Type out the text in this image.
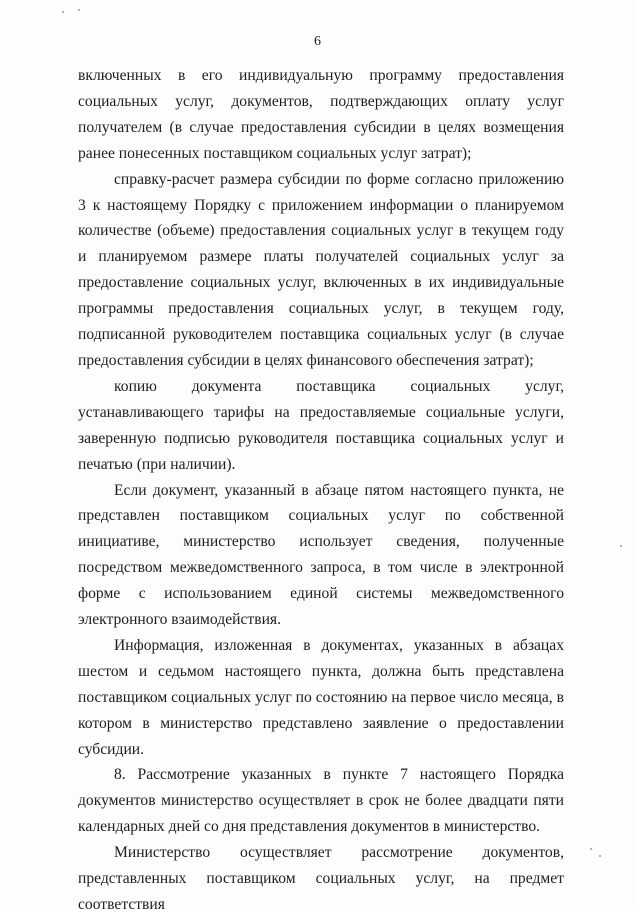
6

включенных в его индивидуальную программу предоставления социальных услуг, документов, подтверждающих оплату услуг получателем (в случае предоставления субсидии в целях возмещения ранее понесенных поставщиком социальных услуг затрат);

справку-расчет размера субсидии по форме согласно приложению 3 к настоящему Порядку с приложением информации о планируемом количестве (объеме) предоставления социальных услуг в текущем году и планируемом размере платы получателей социальных услуг за предоставление социальных услуг, включенных в их индивидуальные программы предоставления социальных услуг, в текущем году, подписанной руководителем поставщика социальных услуг (в случае предоставления субсидии в целях финансового обеспечения затрат);

копию документа поставщика социальных услуг, устанавливающего тарифы на предоставляемые социальные услуги, заверенную подписью руководителя поставщика социальных услуг и печатью (при наличии).

Если документ, указанный в абзаце пятом настоящего пункта, не представлен поставщиком социальных услуг по собственной инициативе, министерство использует сведения, полученные посредством межведомственного запроса, в том числе в электронной форме с использованием единой системы межведомственного электронного взаимодействия.

Информация, изложенная в документах, указанных в абзацах шестом и седьмом настоящего пункта, должна быть представлена поставщиком социальных услуг по состоянию на первое число месяца, в котором в министерство представлено заявление о предоставлении субсидии.

8. Рассмотрение указанных в пункте 7 настоящего Порядка документов министерство осуществляет в срок не более двадцати пяти календарных дней со дня представления документов в министерство.

Министерство осуществляет рассмотрение документов, представленных поставщиком социальных услуг, на предмет соответствия
